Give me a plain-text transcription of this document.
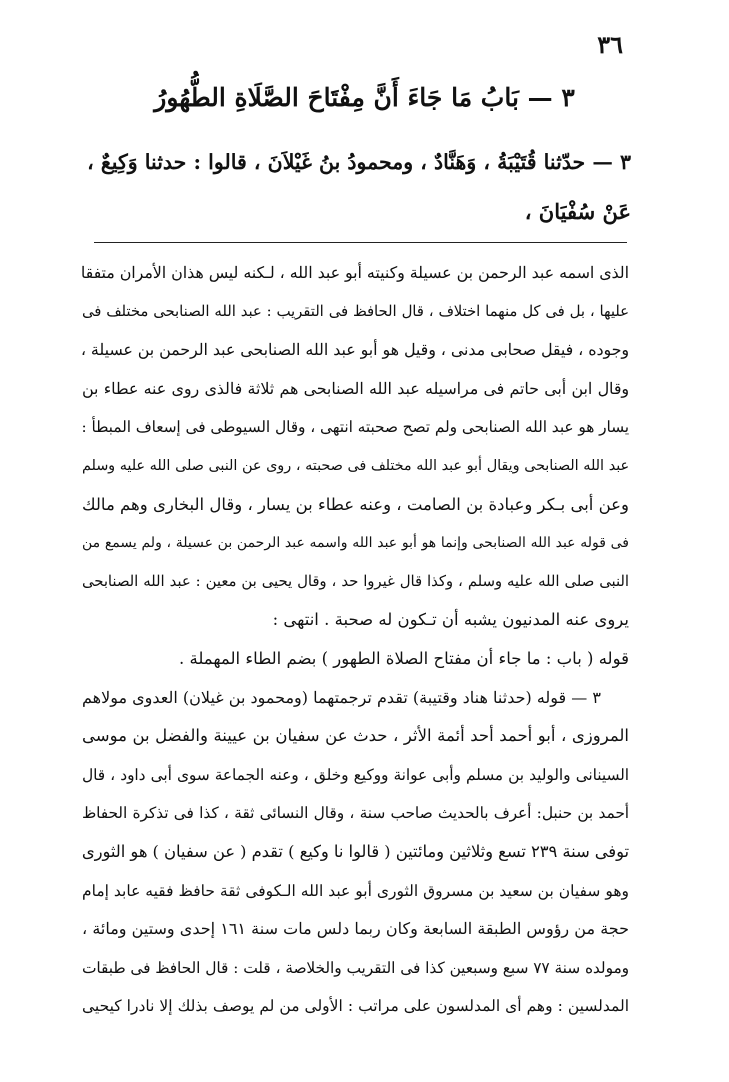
٣٦
٣ — بَابُ مَا جَاءَ أَنَّ مِفْتَاحَ الصَّلَاةِ الطُّهُورُ
٣ — حدّثنا قُتَيْبَةُ ، وَهَنَّادٌ ، ومحمودُ بنُ غَيْلاَنَ ، قالوا : حدثنا وَكِيعٌ ،
عَنْ سُفْيَانَ ،

الذى اسمه عبد الرحمن بن عسيلة وكنيته أبو عبد الله ، لـكنه ليس هذان الأمران متفقا

عليها ، بل فى كل منهما اختلاف ، قال الحافظ فى التقريب : عبد الله الصنابحى مختلف فى

وجوده ، فيقل صحابى مدنى ، وقيل هو أبو عبد الله الصنابحى عبد الرحمن بن عسيلة ،

وقال ابن أبى حاتم فى مراسيله عبد الله الصنابحى هم ثلاثة فالذى روى عنه عطاء بن

يسار هو عبد الله الصنابحى ولم تصح صحبته انتهى ، وقال السيوطى فى إسعاف المبطأ :

عبد الله الصنابحى ويقال أبو عبد الله مختلف فى صحبته ، روى عن النبى صلى الله عليه وسلم

وعن أبى بـكر وعبادة بن الصامت ، وعنه عطاء بن يسار ، وقال البخارى وهم مالك

فى قوله عبد الله الصنابحى وإنما هو أبو عبد الله واسمه عبد الرحمن بن عسيلة ، ولم يسمع من

النبى صلى الله عليه وسلم ، وكذا قال غيروا حد ، وقال يحيى بن معين : عبد الله الصنابحى

يروى عنه المدنيون يشبه أن تـكون له صحبة . انتهى :

قوله ( باب : ما جاء أن مفتاح الصلاة الطهور ) بضم الطاء المهملة .

٣ — قوله (حدثنا هناد وقتيبة) تقدم ترجمتهما (ومحمود بن غيلان) العدوى مولاهم

المروزى ، أبو أحمد أحد أئمة الأثر ، حدث عن سفيان بن عيينة والفضل بن موسى

السينانى والوليد بن مسلم وأبى عوانة ووكيع وخلق ، وعنه الجماعة سوى أبى داود ، قال

أحمد بن حنبل: أعرف بالحديث صاحب سنة ، وقال النسائى ثقة ، كذا فى تذكرة الحفاظ

توفى سنة ٢٣٩ تسع وثلاثين ومائتين ( قالوا نا وكيع ) تقدم ( عن سفيان ) هو الثورى

وهو سفيان بن سعيد بن مسروق الثورى أبو عبد الله الـكوفى ثقة حافظ فقيه عابد إمام

حجة من رؤوس الطبقة السابعة وكان ربما دلس مات سنة ١٦١ إحدى وستين ومائة ،

ومولده سنة ٧٧ سبع وسبعين كذا فى التقريب والخلاصة ، قلت : قال الحافظ فى طبقات

المدلسين : وهم أى المدلسون على مراتب : الأولى من لم يوصف بذلك إلا نادرا كيحيى
